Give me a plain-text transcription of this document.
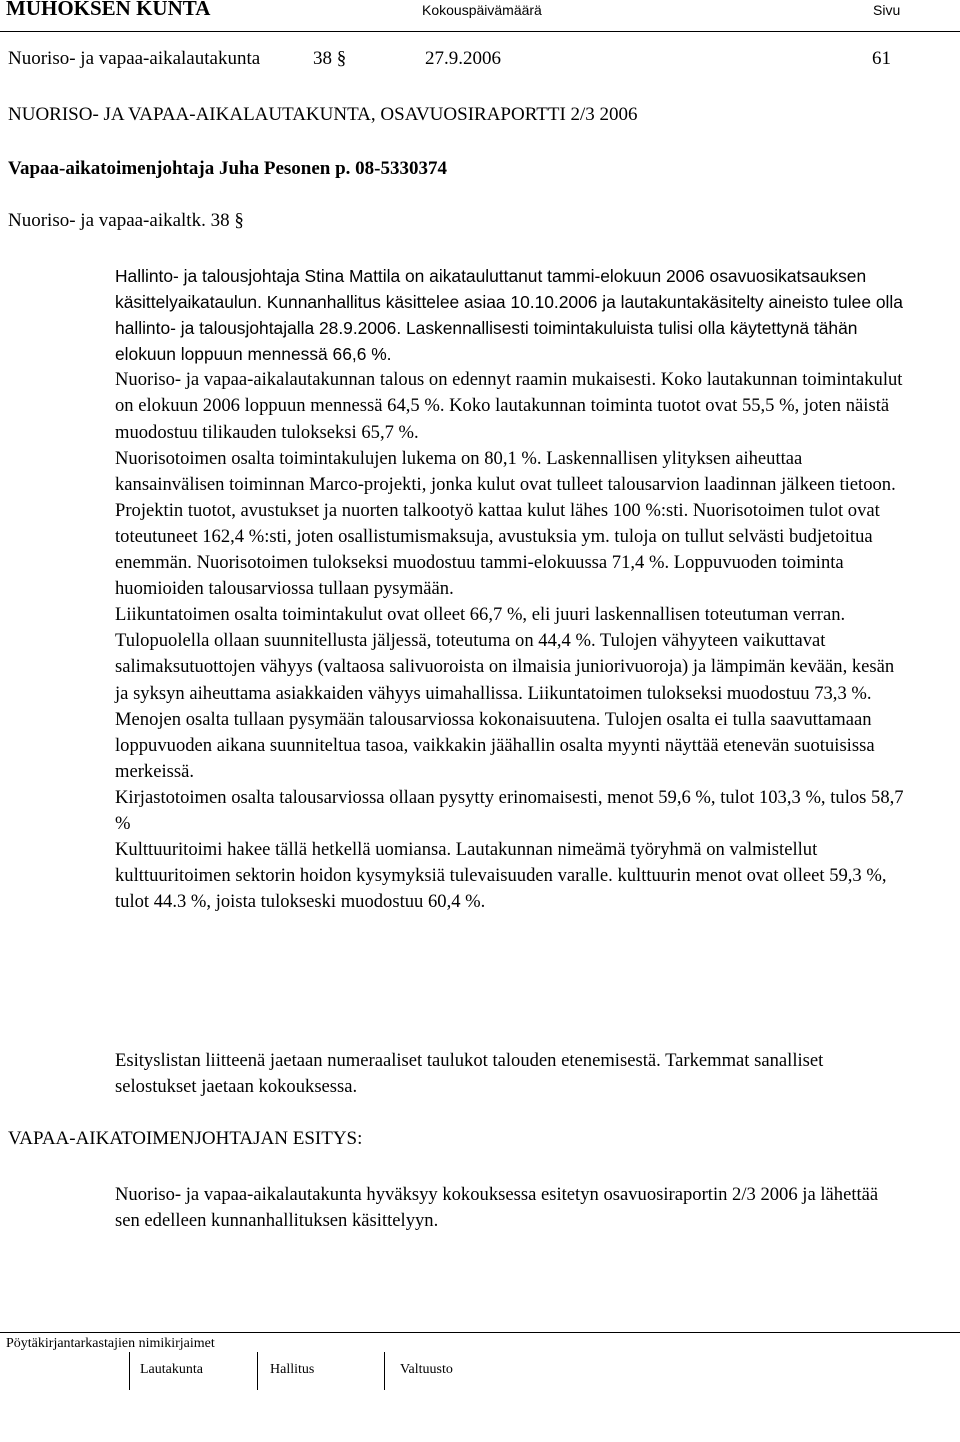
MUHOKSEN KUNTA	Kokouspäivämäärä	Sivu
Nuoriso- ja vapaa-aikalautakunta	38 §	27.9.2006	61
NUORISO- JA VAPAA-AIKALAUTAKUNTA, OSAVUOSIRAPORTTI 2/3 2006
Vapaa-aikatoimenjohtaja Juha Pesonen p. 08-5330374
Nuoriso- ja vapaa-aikaltk. 38 §

Hallinto- ja talousjohtaja Stina Mattila on aikatauluttanut tammi-elokuun 2006 osavuosikatsauksen käsittelyaikataulun. Kunnanhallitus käsittelee asiaa 10.10.2006 ja lautakuntakäsitelty aineisto tulee olla hallinto- ja talousjohtajalla 28.9.2006. Laskennallisesti toimintakuluista tulisi olla käytettynä tähän elokuun loppuun mennessä 66,6 %.

Nuoriso- ja vapaa-aikalautakunnan talous on edennyt raamin mukaisesti. Koko lautakunnan toimintakulut on elokuun 2006 loppuun mennessä 64,5 %. Koko lautakunnan toiminta tuotot ovat 55,5 %, joten näistä muodostuu tilikauden tulokseksi 65,7 %.

Nuorisotoimen osalta toimintakulujen lukema on 80,1 %. Laskennallisen ylityksen aiheuttaa kansainvälisen toiminnan Marco-projekti, jonka kulut ovat tulleet talousarvion laadinnan jälkeen tietoon. Projektin tuotot, avustukset ja nuorten talkootyö kattaa kulut lähes 100 %:sti. Nuorisotoimen tulot ovat toteutuneet 162,4 %:sti, joten osallistumismaksuja, avustuksia ym. tuloja on tullut selvästi budjetoitua enemmän. Nuorisotoimen tulokseksi muodostuu tammi-elokuussa 71,4 %. Loppuvuoden toiminta huomioiden talousarviossa tullaan pysymään.

Liikuntatoimen osalta toimintakulut ovat olleet 66,7 %, eli juuri laskennallisen toteutuman verran. Tulopuolella ollaan suunnitellusta jäljessä, toteutuma on 44,4 %. Tulojen vähyyteen vaikuttavat salimaksutuottojen vähyys (valtaosa salivuoroista on ilmaisia juniorivuoroja) ja lämpimän kevään, kesän ja syksyn aiheuttama asiakkaiden vähyys uimahallissa. Liikuntatoimen tulokseksi muodostuu 73,3 %. Menojen osalta tullaan pysymään talousarviossa kokonaisuutena. Tulojen osalta ei tulla saavuttamaan loppuvuoden aikana suunniteltua tasoa, vaikkakin jäähallin osalta myynti näyttää etenevän suotuisissa merkeissä.

Kirjastotoimen osalta talousarviossa ollaan pysytty erinomaisesti, menot 59,6 %, tulot 103,3 %, tulos 58,7 %

Kulttuuritoimi hakee tällä hetkellä uomiansa. Lautakunnan nimeämä työryhmä on valmistellut kulttuuritoimen sektorin hoidon kysymyksiä tulevaisuuden varalle. kulttuurin menot ovat olleet 59,3 %, tulot 44.3 %, joista tulokseski muodostuu 60,4 %.

Esityslistan liitteenä jaetaan numeraaliset taulukot talouden etenemisestä. Tarkemmat sanalliset selostukset jaetaan kokouksessa.
VAPAA-AIKATOIMENJOHTAJAN ESITYS:
Nuoriso- ja vapaa-aikalautakunta hyväksyy kokouksessa esitetyn osavuosiraportin 2/3 2006 ja lähettää sen edelleen kunnanhallituksen käsittelyyn.
Pöytäkirjantarkastajien nimikirjaimet
Lautakunta	Hallitus	Valtuusto
